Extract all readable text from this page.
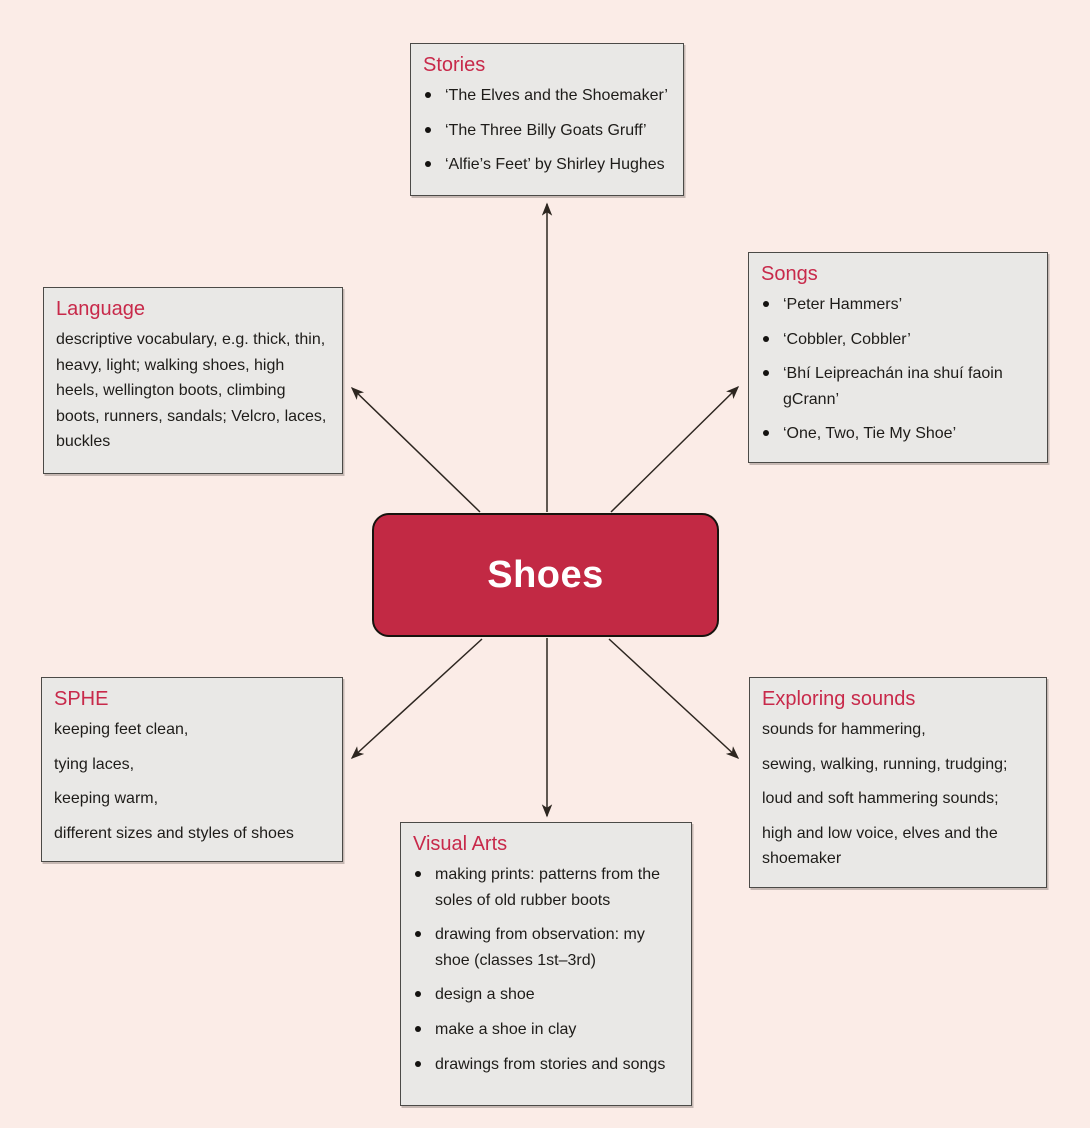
Stories
‘The Elves and the Shoemaker’
‘The Three Billy Goats Gruff’
‘Alfie’s Feet’ by Shirley Hughes
Songs
‘Peter Hammers’
‘Cobbler, Cobbler’
‘Bhí Leipreachán ina shuí faoin gCrann’
‘One, Two, Tie My Shoe’
Language

descriptive vocabulary, e.g. thick, thin, heavy, light; walking shoes, high heels, wellington boots, climbing boots, runners, sandals; Velcro, laces, buckles

Shoes
SPHE

keeping feet clean,

tying laces,

keeping warm,

different sizes and styles of shoes

Exploring sounds

sounds for hammering,

sewing, walking, running, trudging;

loud and soft hammering sounds;

high and low voice, elves and the shoemaker

Visual Arts
making prints: patterns from the soles of old rubber boots
drawing from observation: my shoe (classes 1st–3rd)
design a shoe
make a shoe in clay
drawings from stories and songs
